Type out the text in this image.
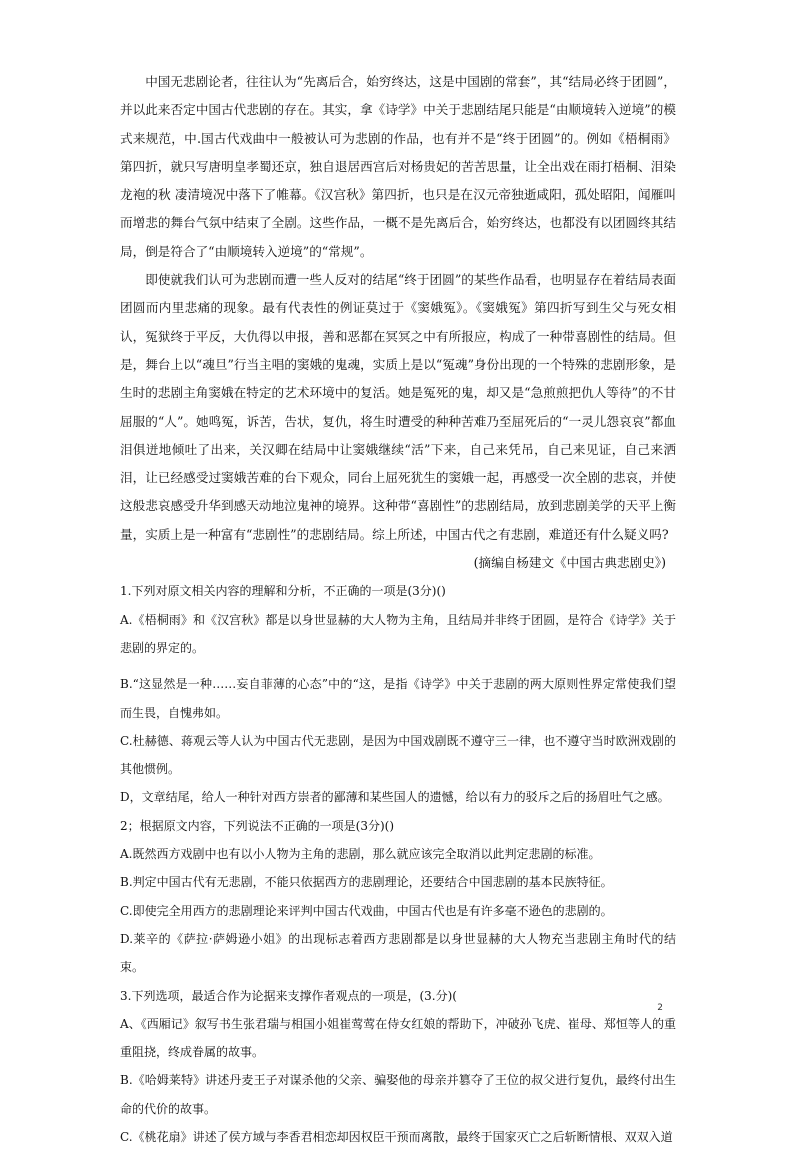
中国无悲剧论者，往往认为“先离后合，始穷终达，这是中国剧的常套”，其“结局必终于团圆”，并以此来否定中国古代悲剧的存在。其实，拿《诗学》中关于悲剧结尾只能是“由顺境转入逆境”的模式来规范，中.国古代戏曲中一般被认可为悲剧的作品，也有并不是“终于团圆”的。例如《梧桐雨》第四折，就只写唐明皇孝蜀还京，独自退居西宫后对杨贵妃的苦苦思量，让全出戏在雨打梧桐、泪染龙袍的秋 凄清境况中落下了帷幕。《汉宫秋》第四折，也只是在汉元帝独逝咸阳，孤处昭阳，闻雁叫而增悲的舞台气氛中结束了全剧。这些作品，一概不是先离后合，始穷终达，也都没有以团圆终其结局，倒是符合了“由顺境转入逆境”的“常规”。

即使就我们认可为悲剧而遭一些人反对的结尾“终于团圆”的某些作品看，也明显存在着结局表面团圆而内里悲痛的现象。最有代表性的例证莫过于《窦娥冤》。《窦娥冤》第四折写到生父与死女相认，冤狱终于平反，大仇得以申报，善和恶都在冥冥之中有所报应，构成了一种带喜剧性的结局。但是，舞台上以“魂旦”行当主唱的窦娥的鬼魂，实质上是以“冤魂”身份出现的一个特殊的悲剧形象，是生时的悲剧主角窦娥在特定的艺术环境中的复活。她是冤死的鬼，却又是“急煎煎把仇人等待”的不甘屈服的“人”。她鸣冤，诉苦，告状，复仇，将生时遭受的种种苦难乃至屈死后的“一灵儿怨哀哀”都血泪俱迸地倾吐了出来，关汉卿在结局中让窦娥继续“活”下来，自己来凭吊，自己来见证，自己来洒泪，让已经感受过窦娥苦难的台下观众，同台上屈死犹生的窦娥一起，再感受一次全剧的悲哀，并使这般悲哀感受升华到感天动地泣鬼神的境界。这种带“喜剧性”的悲剧结局，放到悲剧美学的天平上衡量，实质上是一种富有“悲剧性”的悲剧结局。综上所述，中国古代之有悲剧，难道还有什么疑义吗?

(摘编自杨建文《中国古典悲剧史》)

1.下列对原文相关内容的理解和分析，不正确的一项是(3分)()

A.《梧桐雨》和《汉宫秋》都是以身世显赫的大人物为主角，且结局并非终于团圆，是符合《诗学》关于悲剧的界定的。

B.“这显然是一种……妄自菲薄的心态”中的“这，是指《诗学》中关于悲剧的两大原则性界定常使我们望而生畏，自愧弗如。

C.杜赫德、蒋观云等人认为中国古代无悲剧，是因为中国戏剧既不遵守三一律，也不遵守当时欧洲戏剧的其他惯例。

D，文章结尾，给人一种针对西方崇者的鄙薄和某些国人的遗憾，给以有力的驳斥之后的扬眉吐气之感。

2；根据原文内容，下列说法不正确的一项是(3分)()

A.既然西方戏剧中也有以小人物为主角的悲剧，那么就应该完全取消以此判定悲剧的标准。

B.判定中国古代有无悲剧，不能只依据西方的悲剧理论，还要结合中国悲剧的基本民族特征。

C.即使完全用西方的悲剧理论来评判中国古代戏曲，中国古代也是有许多毫不逊色的悲剧的。

D.莱辛的《萨拉·萨姆逊小姐》的出现标志着西方悲剧都是以身世显赫的大人物充当悲剧主角时代的结束。

3.下列选项，最适合作为论据来支撑作者观点的一项是，(3.分)(

A、《西厢记》叙写书生张君瑞与相国小姐崔莺莺在侍女红娘的帮助下，冲破孙飞虎、崔母、郑恒等人的重重阻挠，终成眷属的故事。

B.《哈姆莱特》讲述丹麦王子对谋杀他的父亲、骗娶他的母亲并篡夺了王位的叔父进行复仇，最终付出生命的代价的故事。

C.《桃花扇》讲述了侯方域与李香君相恋却因权臣干预而离散，最终于国家灭亡之后斩断情根、双双入道

2
